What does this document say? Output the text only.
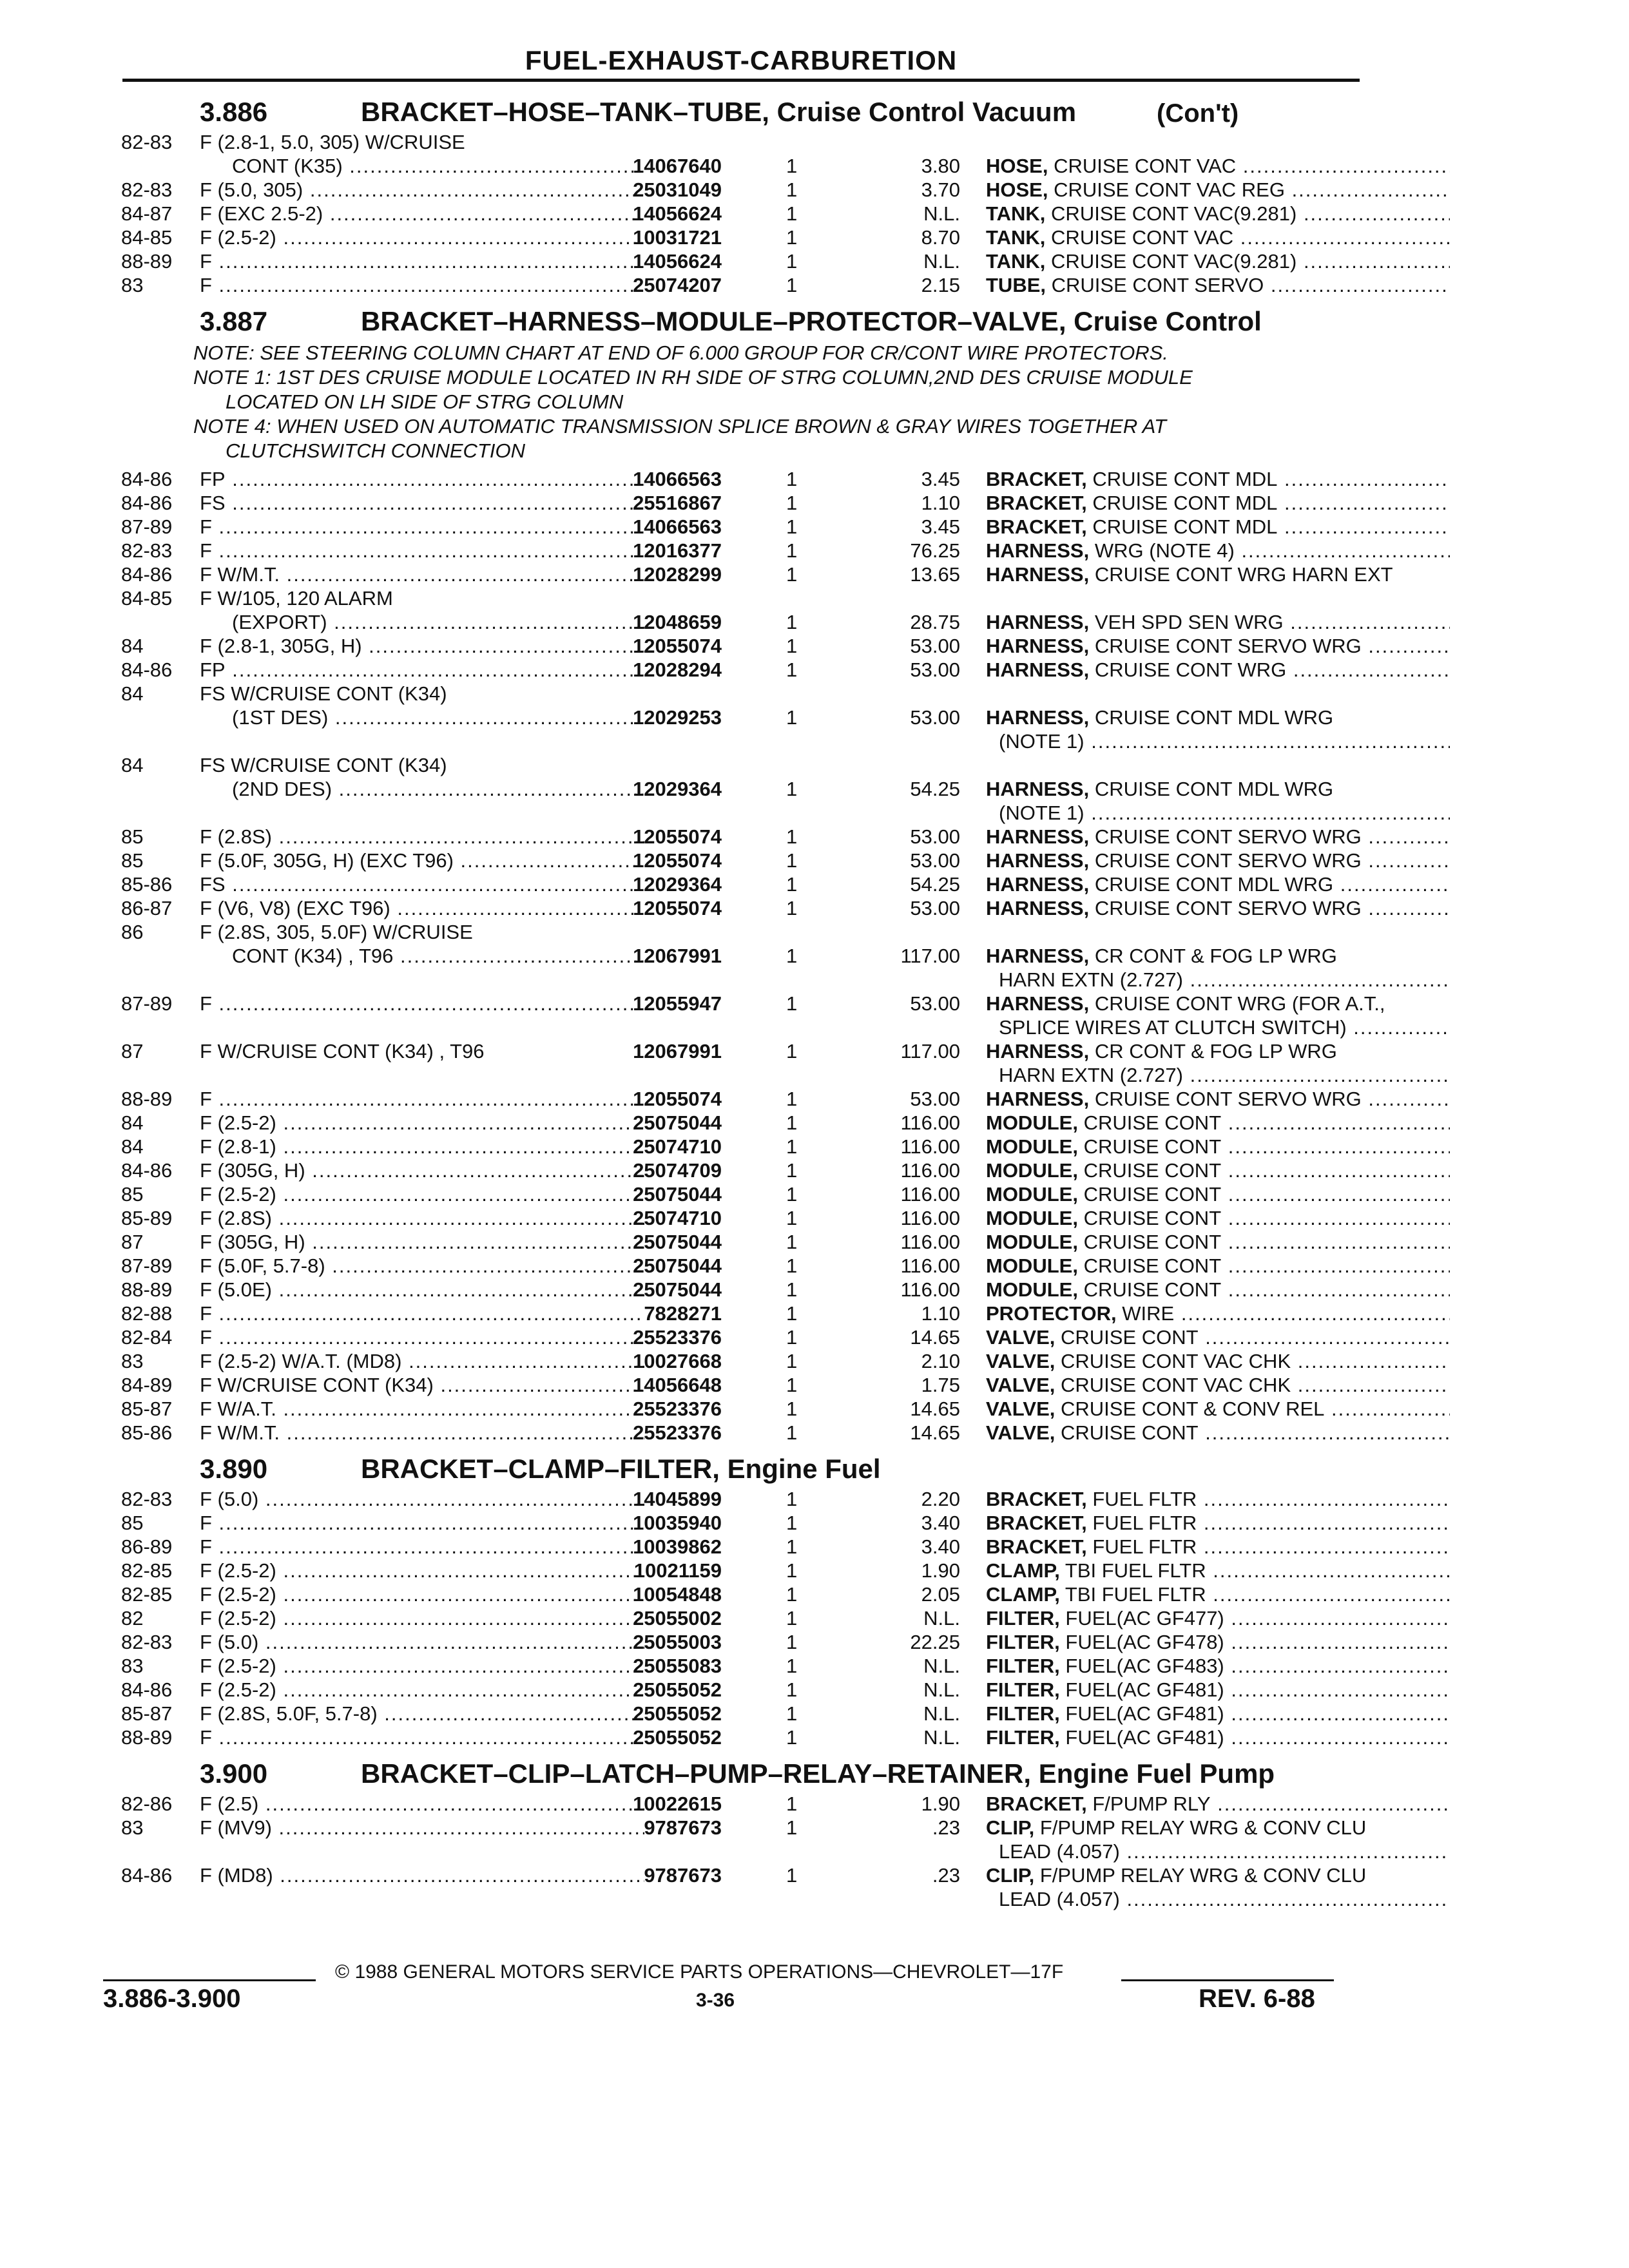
FUEL-EXHAUST-CARBURETION
3.886	BRACKET–HOSE–TANK–TUBE, Cruise Control Vacuum	(Con't)
82-83 F (2.8-1, 5.0, 305) W/CRUISE
CONT (K35) .....	14067640	1	3.80 HOSE, CRUISE CONT VAC .....
82-83 F (5.0, 305) .....	25031049	1	3.70 HOSE, CRUISE CONT VAC REG .....
84-87 F (EXC 2.5-2) .....	14056624	1	N.L. TANK, CRUISE CONT VAC(9.281) .....
84-85 F (2.5-2) .....	10031721	1	8.70 TANK, CRUISE CONT VAC .....
88-89 F .....	14056624	1	N.L. TANK, CRUISE CONT VAC(9.281) .....
83	F .....	25074207	1	2.15 TUBE, CRUISE CONT SERVO .....
3.887	BRACKET–HARNESS–MODULE–PROTECTOR–VALVE, Cruise Control
NOTE: SEE STEERING COLUMN CHART AT END OF 6.000 GROUP FOR CR/CONT WIRE PROTECTORS.
NOTE 1: 1ST DES CRUISE MODULE LOCATED IN RH SIDE OF STRG COLUMN,2ND DES CRUISE MODULE
LOCATED ON LH SIDE OF STRG COLUMN
NOTE 4: WHEN USED ON AUTOMATIC TRANSMISSION SPLICE BROWN & GRAY WIRES TOGETHER AT
CLUTCHSWITCH CONNECTION
84-86 FP .....	14066563	1	3.45 BRACKET, CRUISE CONT MDL .....
84-86 FS .....	25516867	1	1.10 BRACKET, CRUISE CONT MDL .....
87-89 F .....	14066563	1	3.45 BRACKET, CRUISE CONT MDL .....
82-83 F .....	12016377	1	76.25 HARNESS, WRG (NOTE 4) .....
84-86 F W/M.T. .....	12028299	1	13.65 HARNESS, CRUISE CONT WRG HARN EXT
84-85 F W/105, 120 ALARM
(EXPORT) .....	12048659	1	28.75 HARNESS, VEH SPD SEN WRG .....
84	F (2.8-1, 305G, H) .....	12055074	1	53.00 HARNESS, CRUISE CONT SERVO WRG .....
84-86 FP .....	12028294	1	53.00 HARNESS, CRUISE CONT WRG .....
84	FS W/CRUISE CONT (K34)
(1ST DES) .....	12029253	1	53.00 HARNESS, CRUISE CONT MDL WRG
(NOTE 1) .....
84	FS W/CRUISE CONT (K34)
(2ND DES) .....	12029364	1	54.25 HARNESS, CRUISE CONT MDL WRG
(NOTE 1) .....
85	F (2.8S) .....	12055074	1	53.00 HARNESS, CRUISE CONT SERVO WRG .....
85	F (5.0F, 305G, H) (EXC T96) .....	12055074	1	53.00 HARNESS, CRUISE CONT SERVO WRG .....
85-86 FS .....	12029364	1	54.25 HARNESS, CRUISE CONT MDL WRG .....
86-87 F (V6, V8) (EXC T96) .....	12055074	1	53.00 HARNESS, CRUISE CONT SERVO WRG .....
86	F (2.8S, 305, 5.0F) W/CRUISE
CONT (K34) , T96 .....	12067991	1	117.00 HARNESS, CR CONT & FOG LP WRG
HARN EXTN (2.727) .....
87-89 F .....	12055947	1	53.00 HARNESS, CRUISE CONT WRG (FOR A.T.,
SPLICE WIRES AT CLUTCH SWITCH) .....
87	F W/CRUISE CONT (K34) , T96	12067991	1	117.00 HARNESS, CR CONT & FOG LP WRG
HARN EXTN (2.727) .....
88-89 F .....	12055074	1	53.00 HARNESS, CRUISE CONT SERVO WRG .....
84	F (2.5-2) .....	25075044	1	116.00 MODULE, CRUISE CONT .....
84	F (2.8-1) .....	25074710	1	116.00 MODULE, CRUISE CONT .....
84-86 F (305G, H) .....	25074709	1	116.00 MODULE, CRUISE CONT .....
85	F (2.5-2) .....	25075044	1	116.00 MODULE, CRUISE CONT .....
85-89 F (2.8S) .....	25074710	1	116.00 MODULE, CRUISE CONT .....
87	F (305G, H) .....	25075044	1	116.00 MODULE, CRUISE CONT .....
87-89 F (5.0F, 5.7-8) .....	25075044	1	116.00 MODULE, CRUISE CONT .....
88-89 F (5.0E) .....	25075044	1	116.00 MODULE, CRUISE CONT .....
82-88 F .....	7828271	1	1.10 PROTECTOR, WIRE .....
82-84 F .....	25523376	1	14.65 VALVE, CRUISE CONT .....
83	F (2.5-2) W/A.T. (MD8) .....	10027668	1	2.10 VALVE, CRUISE CONT VAC CHK .....
84-89 F W/CRUISE CONT (K34) .....	14056648	1	1.75 VALVE, CRUISE CONT VAC CHK .....
85-87 F W/A.T. .....	25523376	1	14.65 VALVE, CRUISE CONT & CONV REL .....
85-86 F W/M.T. .....	25523376	1	14.65 VALVE, CRUISE CONT .....
3.890	BRACKET–CLAMP–FILTER, Engine Fuel
82-83 F (5.0) .....	14045899	1	2.20 BRACKET, FUEL FLTR .....
85	F .....	10035940	1	3.40 BRACKET, FUEL FLTR .....
86-89 F .....	10039862	1	3.40 BRACKET, FUEL FLTR .....
82-85 F (2.5-2) .....	10021159	1	1.90 CLAMP, TBI FUEL FLTR .....
82-85 F (2.5-2) .....	10054848	1	2.05 CLAMP, TBI FUEL FLTR .....
82	F (2.5-2) .....	25055002	1	N.L. FILTER, FUEL(AC GF477) .....
82-83 F (5.0) .....	25055003	1	22.25 FILTER, FUEL(AC GF478) .....
83	F (2.5-2) .....	25055083	1	N.L. FILTER, FUEL(AC GF483) .....
84-86 F (2.5-2) .....	25055052	1	N.L. FILTER, FUEL(AC GF481) .....
85-87 F (2.8S, 5.0F, 5.7-8) .....	25055052	1	N.L. FILTER, FUEL(AC GF481) .....
88-89 F .....	25055052	1	N.L. FILTER, FUEL(AC GF481) .....
3.900	BRACKET–CLIP–LATCH–PUMP–RELAY–RETAINER, Engine Fuel Pump
82-86 F (2.5) .....	10022615	1	1.90 BRACKET, F/PUMP RLY .....
83	F (MV9) .....	9787673	1	.23 CLIP, F/PUMP RELAY WRG & CONV CLU
LEAD (4.057) .....
84-86 F (MD8) .....	9787673	1	.23 CLIP, F/PUMP RELAY WRG & CONV CLU
LEAD (4.057) .....
© 1988 GENERAL MOTORS SERVICE PARTS OPERATIONS—CHEVROLET—17F
3.886-3.900	3-36	REV. 6-88
